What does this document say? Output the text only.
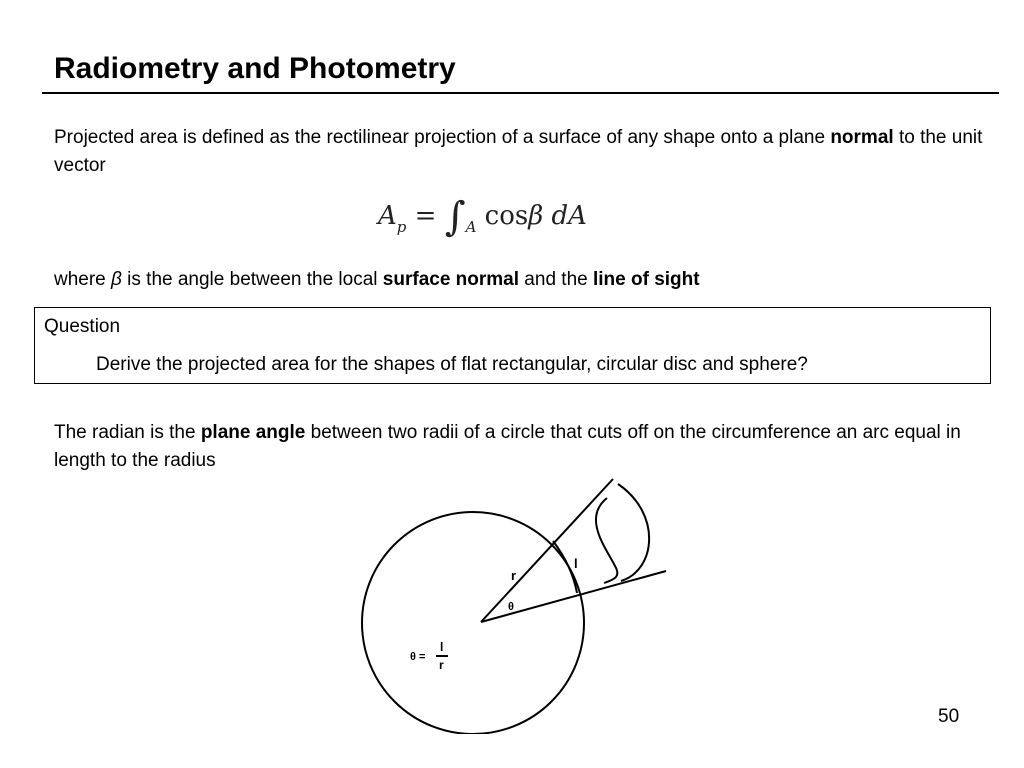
Radiometry and Photometry

Projected area is defined as the rectilinear projection of a surface of any shape onto a plane normal to the unit vector

$A_p = \int_A$ cosβ dA

where β is the angle between the local surface normal and the line of sight

Question
Derive the projected area for the shapes of flat rectangular, circular disc and sphere?

The radian is the plane angle between two radii of a circle that cuts off on the circumference an arc equal in length to the radius

r
l
θ
θ =
l
r
50
